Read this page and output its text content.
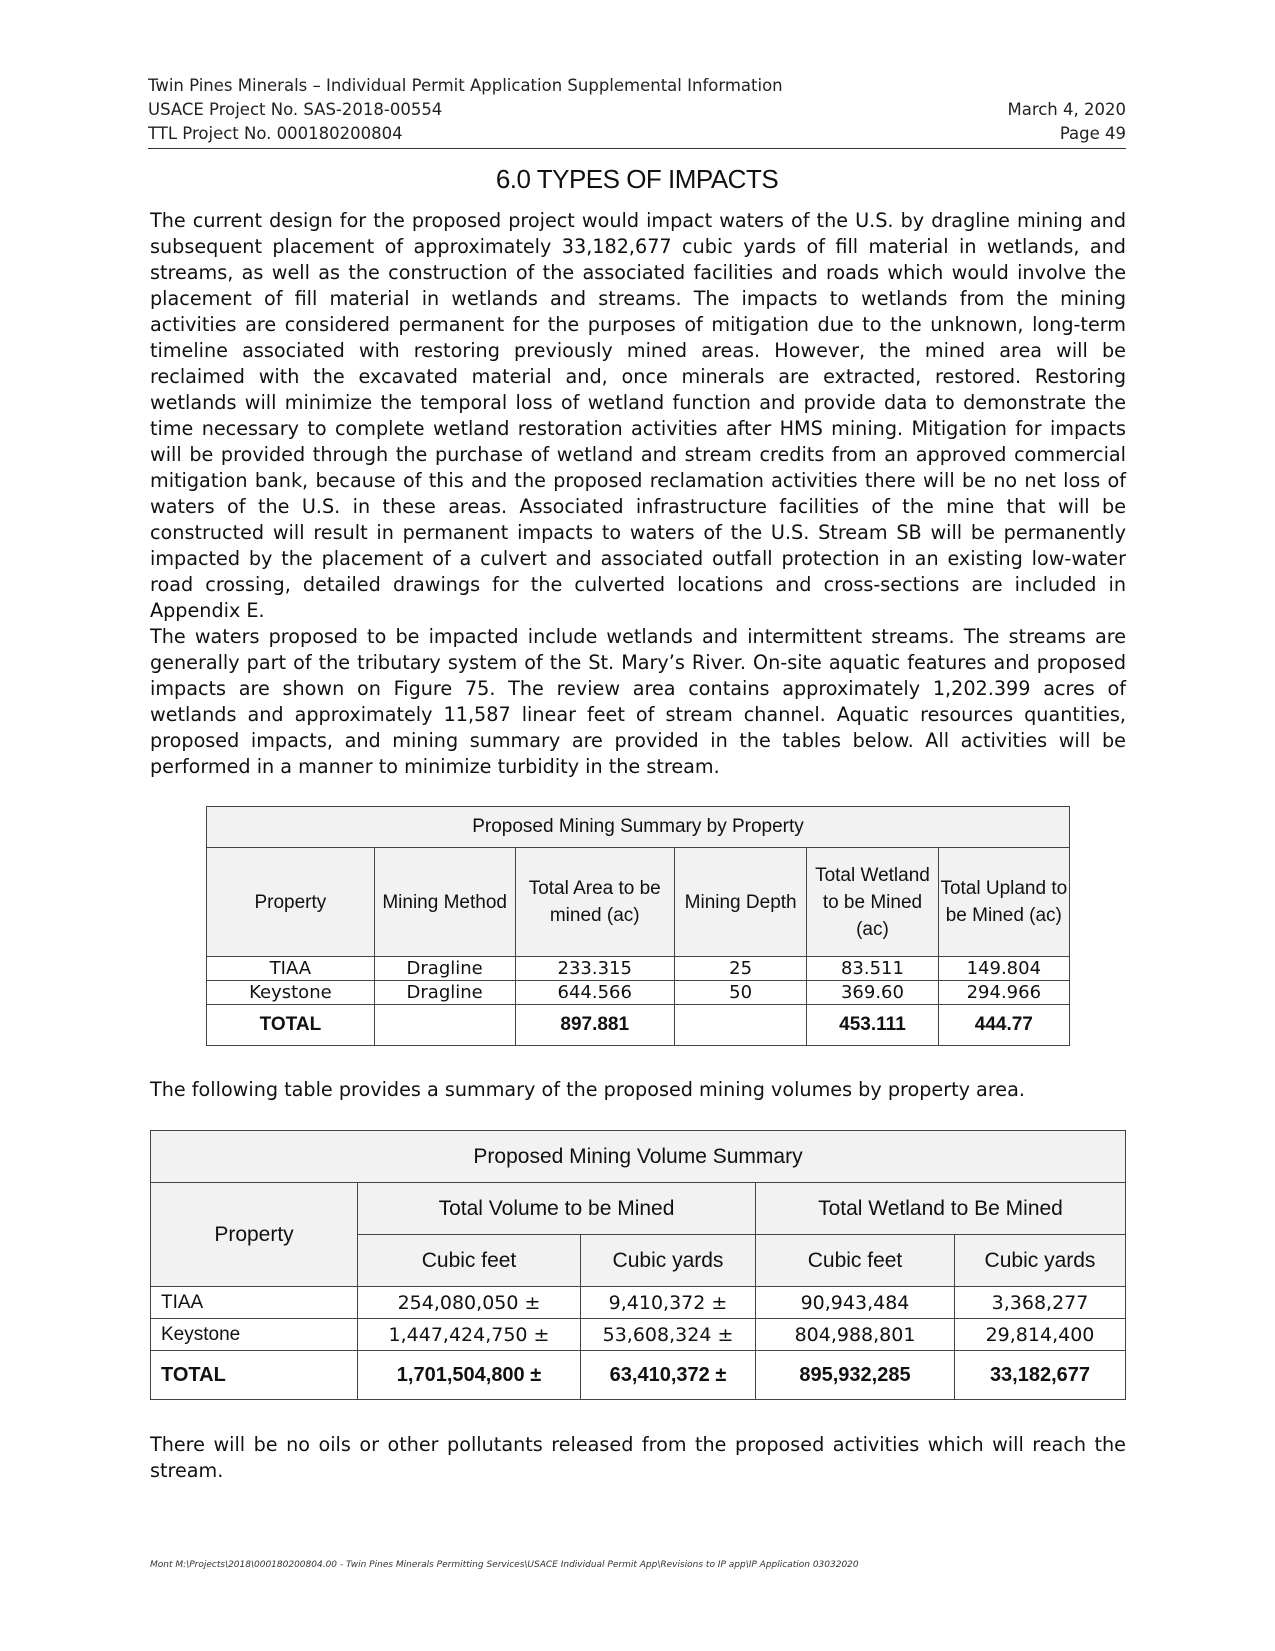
Twin Pines Minerals – Individual Permit Application Supplemental Information
USACE Project No. SAS-2018-00554	March 4, 2020
TTL Project No. 000180200804	Page 49
6.0 TYPES OF IMPACTS

The current design for the proposed project would impact waters of the U.S. by dragline mining and subsequent placement of approximately 33,182,677 cubic yards of fill material in wetlands, and streams, as well as the construction of the associated facilities and roads which would involve the placement of fill material in wetlands and streams. The impacts to wetlands from the mining activities are considered permanent for the purposes of mitigation due to the unknown, long-term timeline associated with restoring previously mined areas. However, the mined area will be reclaimed with the excavated material and, once minerals are extracted, restored. Restoring wetlands will minimize the temporal loss of wetland function and provide data to demonstrate the time necessary to complete wetland restoration activities after HMS mining. Mitigation for impacts will be provided through the purchase of wetland and stream credits from an approved commercial mitigation bank, because of this and the proposed reclamation activities there will be no net loss of waters of the U.S. in these areas. Associated infrastructure facilities of the mine that will be constructed will result in permanent impacts to waters of the U.S. Stream SB will be permanently impacted by the placement of a culvert and associated outfall protection in an existing low-water road crossing, detailed drawings for the culverted locations and cross-sections are included in Appendix E.

The waters proposed to be impacted include wetlands and intermittent streams. The streams are generally part of the tributary system of the St. Mary’s River. On-site aquatic features and proposed impacts are shown on Figure 75. The review area contains approximately 1,202.399 acres of wetlands and approximately 11,587 linear feet of stream channel. Aquatic resources quantities, proposed impacts, and mining summary are provided in the tables below. All activities will be performed in a manner to minimize turbidity in the stream.

Proposed Mining Summary by Property					
Property	Mining Method	Total Area to be mined (ac)	Mining Depth	Total Wetland to be Mined (ac)	Total Upland to be Mined (ac)
TIAA	Dragline	233.315	25	83.511	149.804
Keystone	Dragline	644.566	50	369.60	294.966
TOTAL		897.881		453.111	444.77

The following table provides a summary of the proposed mining volumes by property area.

Proposed Mining Volume Summary				
Property	Total Volume to be Mined		Total Wetland to Be Mined	
	Cubic feet	Cubic yards	Cubic feet	Cubic yards
TIAA	254,080,050 ±	9,410,372 ±	90,943,484	3,368,277
Keystone	1,447,424,750 ±	53,608,324 ±	804,988,801	29,814,400
TOTAL	1,701,504,800 ±	63,410,372 ±	895,932,285	33,182,677

There will be no oils or other pollutants released from the proposed activities which will reach the stream.

Mont M:\Projects\2018\000180200804.00 - Twin Pines Minerals Permitting Services\USACE Individual Permit App\Revisions to IP app\IP Application 03032020
